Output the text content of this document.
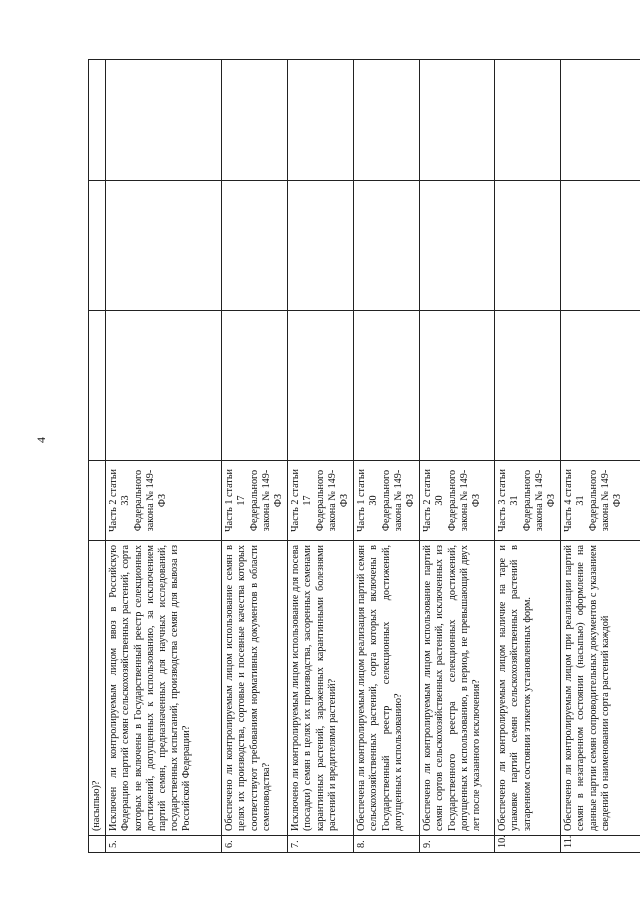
4
	(насыпью)?				
5.	Исключен ли контролируемым лицом ввоз в Российскую Федерацию партий семян сельскохозяйственных растений, сорта которых не включены в Государственный реестр селекционных достижений, допущенных к использованию, за исключением партий семян, предназначенных для научных исследований, государственных испытаний, производства семян для вывоза из Российской Федерации?	Часть 2 статьи 33 Федерального закона № 149-ФЗ			
6.	Обеспечено ли контролируемым лицом использование семян в целях их производства, сортовые и посевные качества которых соответствуют требованиям нормативных документов в области семеноводства?	Часть 1 статьи 17 Федерального закона № 149-ФЗ			
7.	Исключено ли контролируемым лицом использование для посева (посадки) семян в целях их производства, засоренных семенами карантинных растений, зараженных карантинными болезнями растений и вредителями растений?	Часть 2 статьи 17 Федерального закона № 149-ФЗ			
8.	Обеспечена ли контролируемым лицом реализация партий семян сельскохозяйственных растений, сорта которых включены в Государственный реестр селекционных достижений, допущенных к использованию?	Часть 1 статьи 30 Федерального закона № 149-ФЗ			
9.	Обеспечено ли контролируемым лицом использование партий семян сортов сельскохозяйственных растений, исключенных из Государственного реестра селекционных достижений, допущенных к использованию, в период, не превышающий двух лет после указанного исключения?	Часть 2 статьи 30 Федерального закона № 149-ФЗ			
10.	Обеспечено ли контролируемым лицом наличие на таре и упаковке партий семян сельскохозяйственных растений в затаренном состоянии этикеток установленных форм.	Часть 3 статьи 31 Федерального закона № 149-ФЗ			
11.	Обеспечено ли контролируемым лицом при реализации партий семян в незатаренном состоянии (насыпью) оформление на данные партии семян сопроводительных документов с указанием сведений о наименовании сорта растений каждой	Часть 4 статьи 31 Федерального закона № 149-ФЗ			
